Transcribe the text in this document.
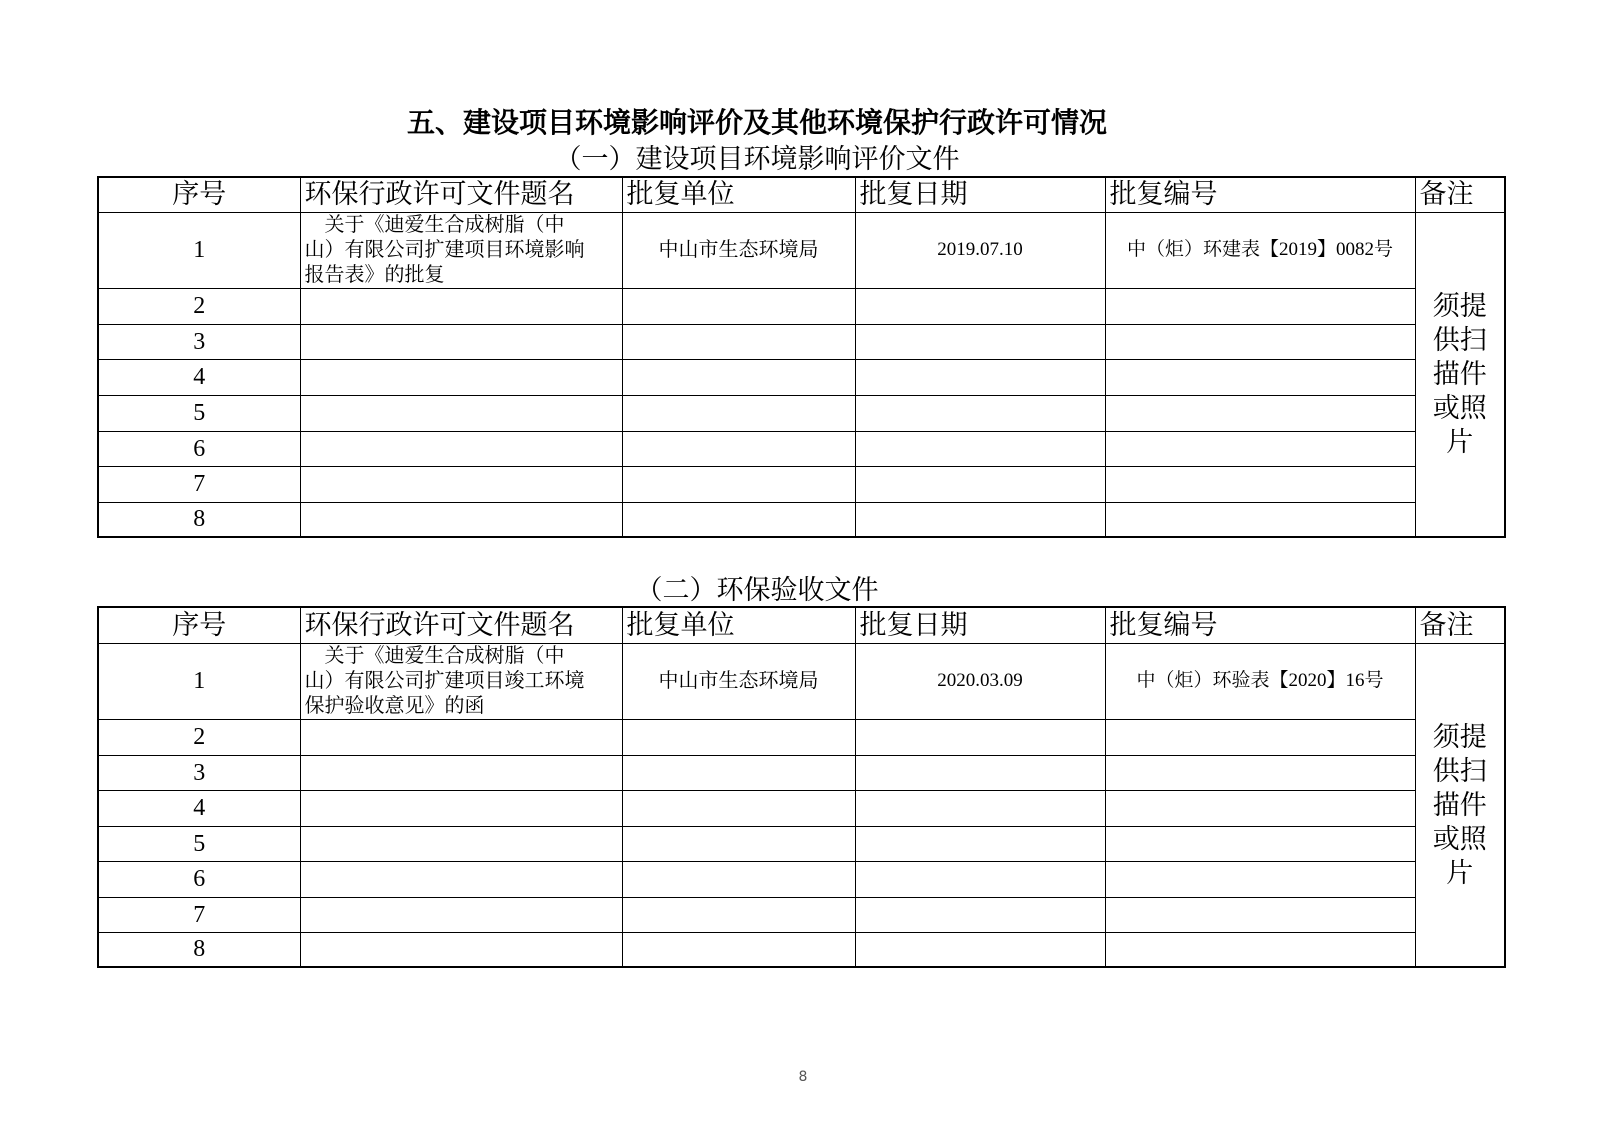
五、建设项目环境影响评价及其他环境保护行政许可情况
（一）建设项目环境影响评价文件
序号	环保行政许可文件题名	批复单位	批复日期	批复编号	备注
1	关于《迪爱生合成树脂（中
山）有限公司扩建项目环境影响
报告表》的批复	中山市生态环境局	2019.07.10	中（炬）环建表【2019】0082号	须提供扫描件或照片

2					
3					
4					
5					
6					
7					
8					
（二）环保验收文件
序号	环保行政许可文件题名	批复单位	批复日期	批复编号	备注
1	关于《迪爱生合成树脂（中
山）有限公司扩建项目竣工环境
保护验收意见》的函	中山市生态环境局	2020.03.09	中（炬）环验表【2020】16号	须提供扫描件或照片

2					
3					
4					
5					
6					
7					
8					
8
